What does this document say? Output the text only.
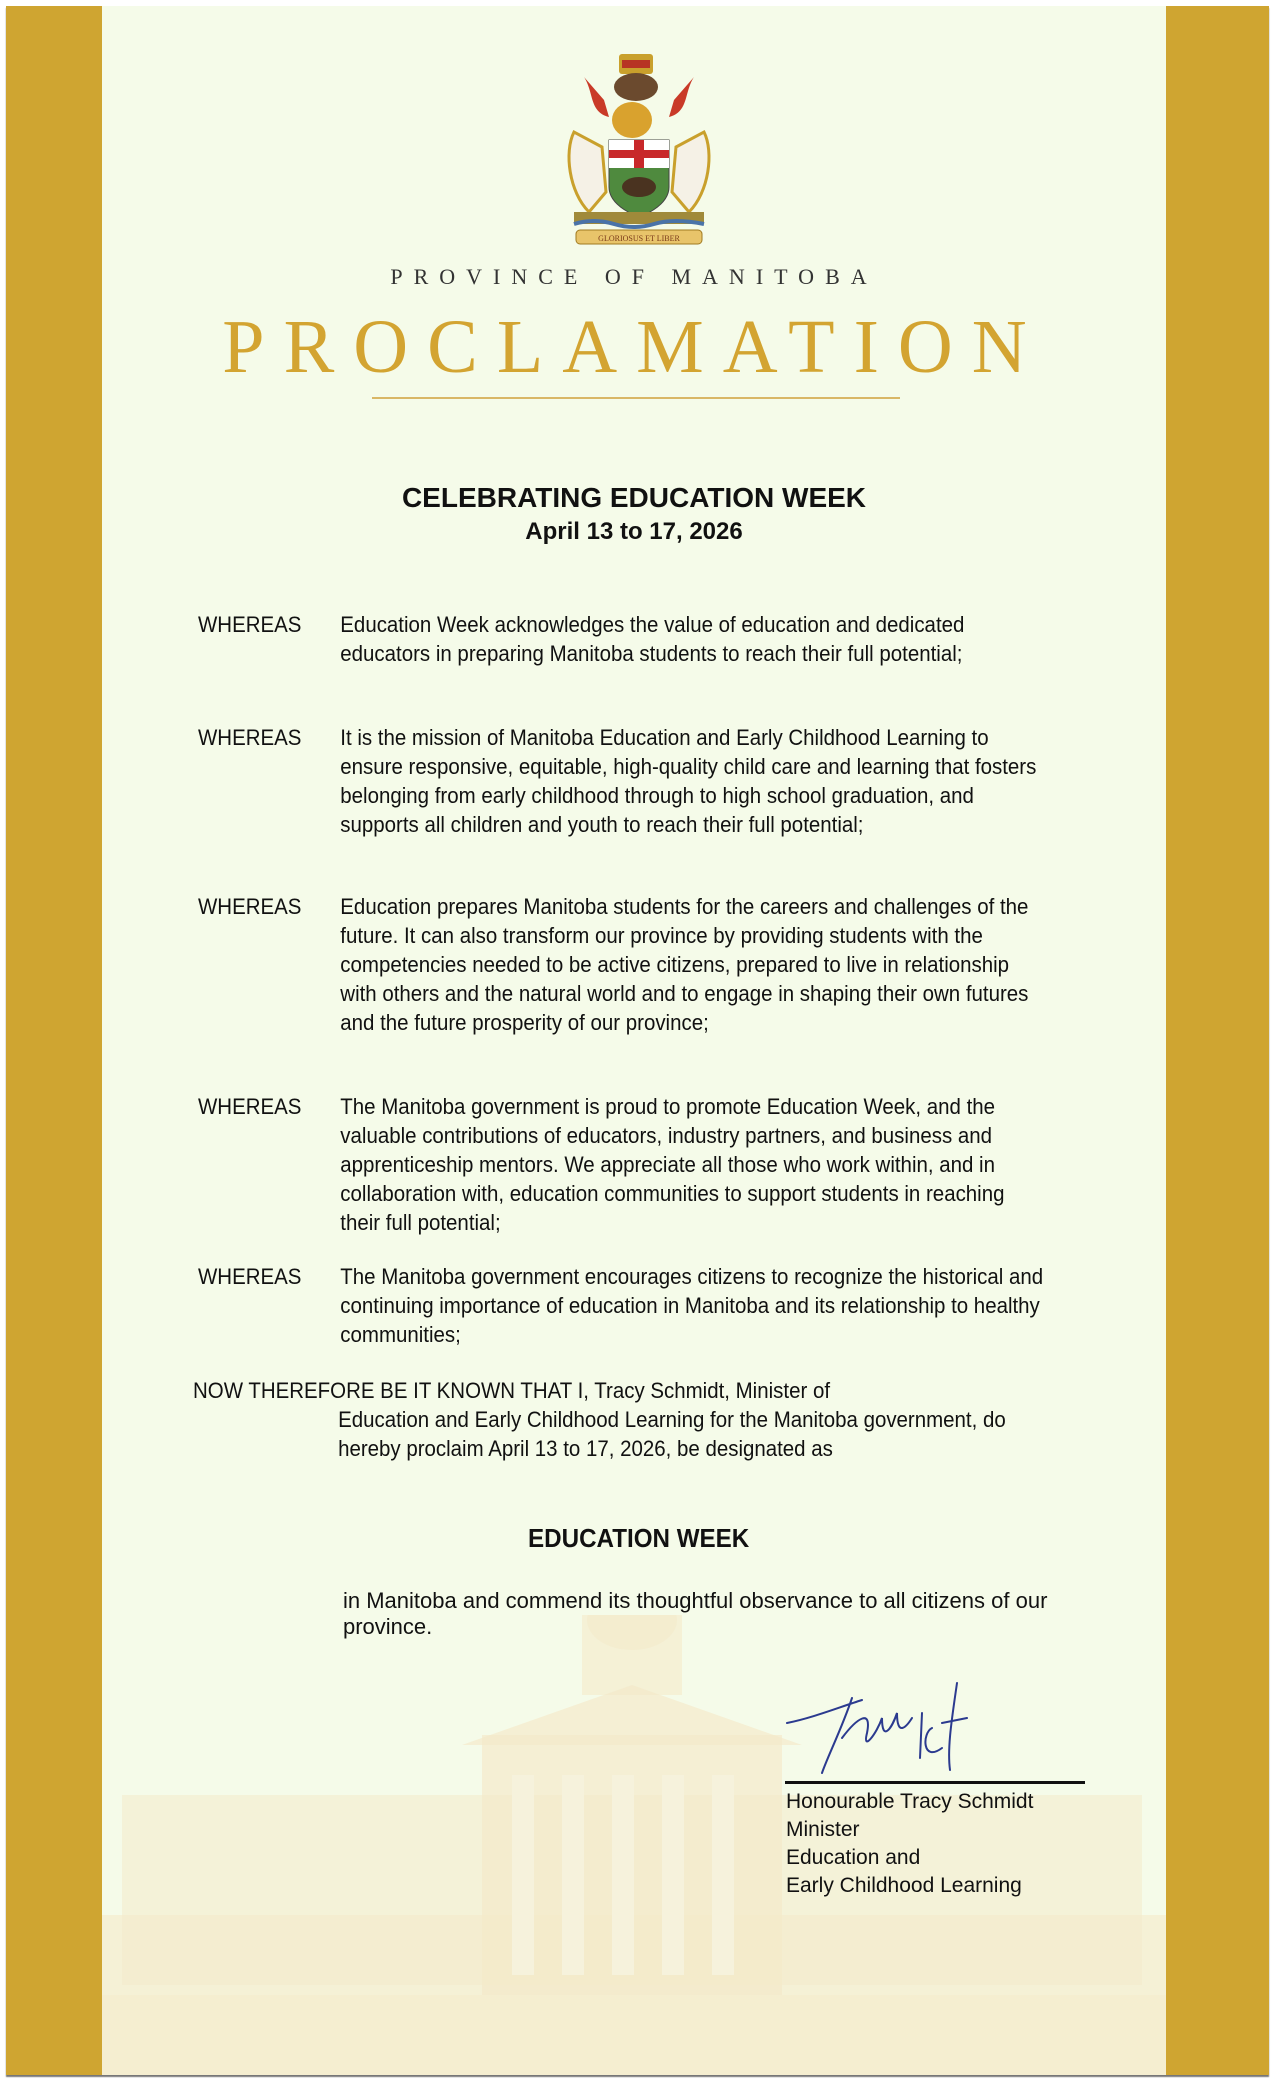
GLORIOSUS ET LIBER
PROVINCE OF MANITOBA
PROCLAMATION
CELEBRATING EDUCATION WEEK
April 13 to 17, 2026
WHEREAS Education Week acknowledges the value of education and dedicated educators in preparing Manitoba students to reach their full potential;
WHEREAS It is the mission of Manitoba Education and Early Childhood Learning to ensure responsive, equitable, high-quality child care and learning that fosters belonging from early childhood through to high school graduation, and supports all children and youth to reach their full potential;
WHEREAS Education prepares Manitoba students for the careers and challenges of the future. It can also transform our province by providing students with the competencies needed to be active citizens, prepared to live in relationship with others and the natural world and to engage in shaping their own futures and the future prosperity of our province;
WHEREAS The Manitoba government is proud to promote Education Week, and the valuable contributions of educators, industry partners, and business and apprenticeship mentors. We appreciate all those who work within, and in collaboration with, education communities to support students in reaching their full potential;
WHEREAS The Manitoba government encourages citizens to recognize the historical and continuing importance of education in Manitoba and its relationship to healthy communities;
NOW THEREFORE BE IT KNOWN THAT I, Tracy Schmidt, Minister of
Education and Early Childhood Learning for the Manitoba government, do hereby proclaim April 13 to 17, 2026, be designated as
EDUCATION WEEK
in Manitoba and commend its thoughtful observance to all citizens of our province.
Honourable Tracy Schmidt
Minister
Education and
Early Childhood Learning
